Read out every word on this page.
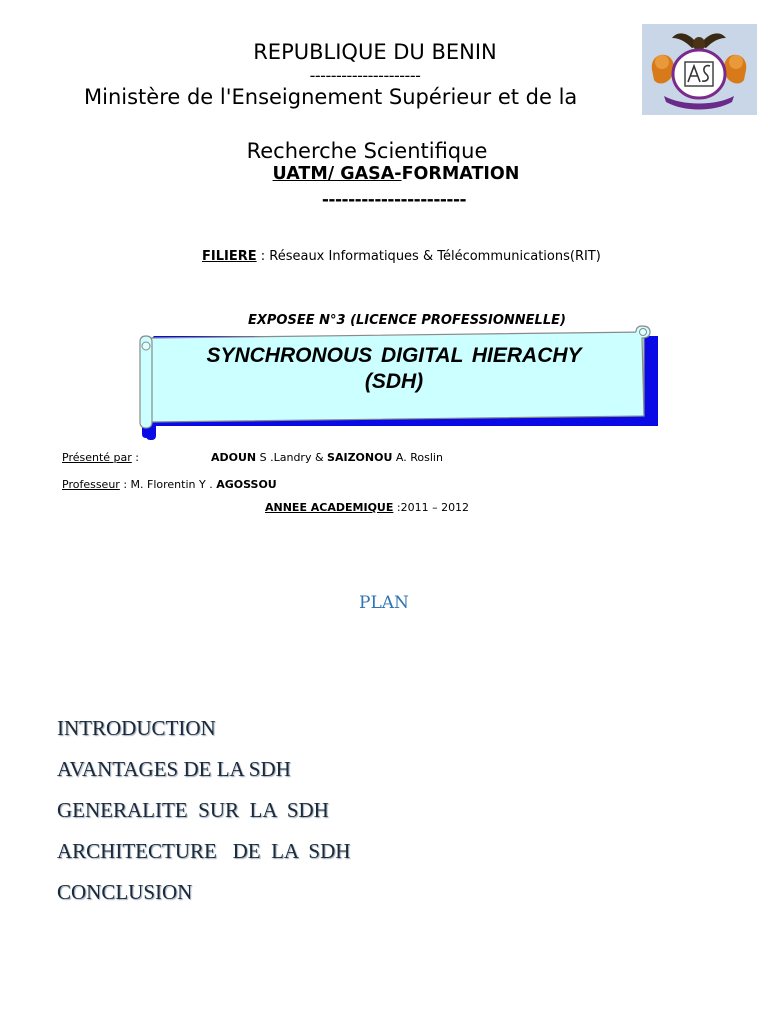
REPUBLIQUE DU BENIN
---------------------
Ministère de l'Enseignement Supérieur et de la
Recherche Scientifique
UATM/ GASA-FORMATION
----------------------
FILIERE : Réseaux Informatiques & Télécommunications(RIT)
EXPOSEE N°3 (LICENCE PROFESSIONNELLE)
SYNCHRONOUS DIGITAL HIERACHY
(SDH)
Présenté par :	ADOUN S .Landry & SAIZONOU A. Roslin
Professeur : M. Florentin Y . AGOSSOU
ANNEE ACADEMIQUE :2011 – 2012
PLAN
INTRODUCTION
AVANTAGES DE LA SDH
GENERALITE  SUR  LA  SDH
ARCHITECTURE   DE  LA  SDH
CONCLUSION
